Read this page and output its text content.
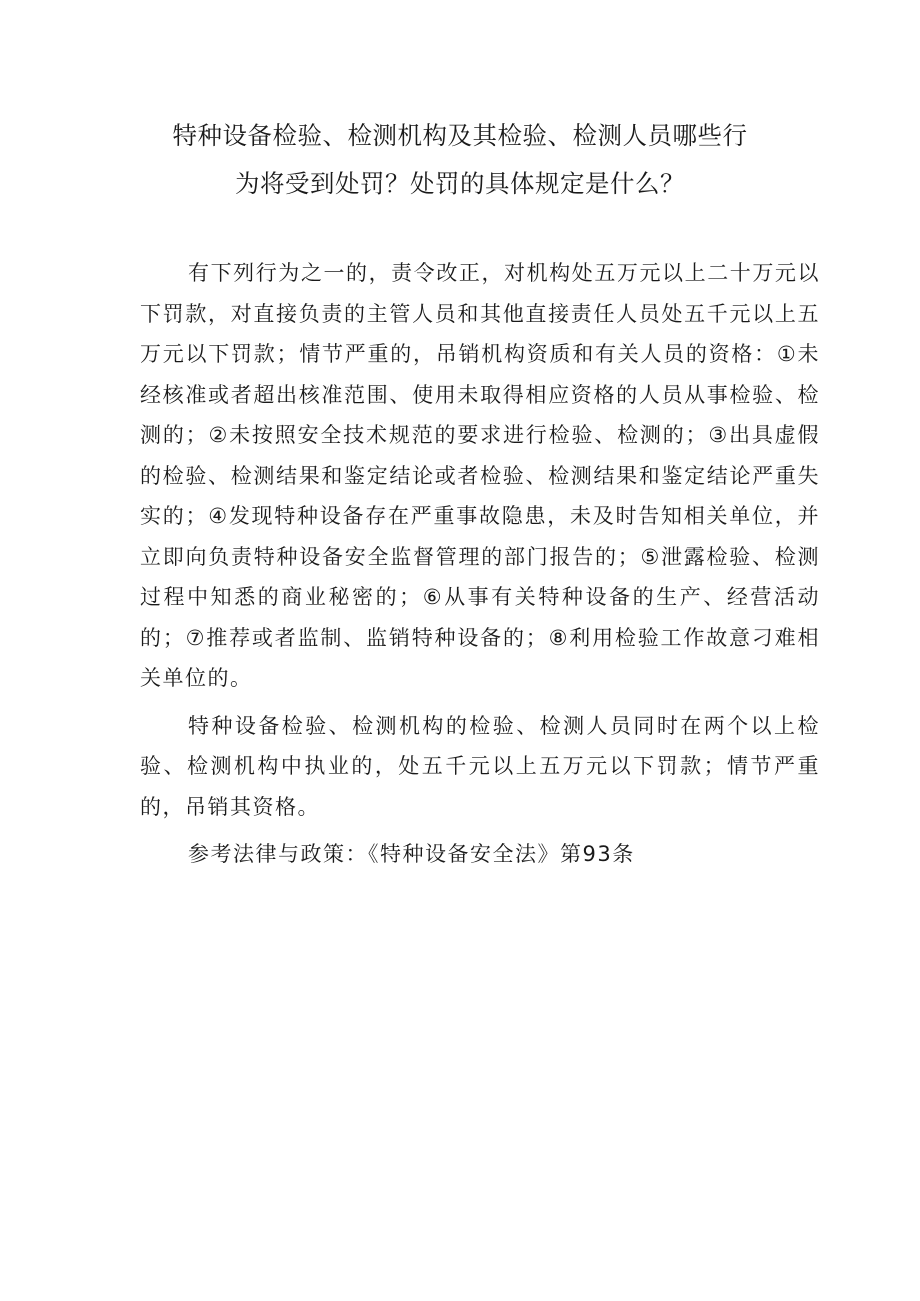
特种设备检验、检测机构及其检验、检测人员哪些行
为将受到处罚？处罚的具体规定是什么？

有下列行为之一的，责令改正，对机构处五万元以上二十万元以下罚款，对直接负责的主管人员和其他直接责任人员处五千元以上五万元以下罚款；情节严重的，吊销机构资质和有关人员的资格：①未经核准或者超出核准范围、使用未取得相应资格的人员从事检验、检测的；②未按照安全技术规范的要求进行检验、检测的；③出具虚假的检验、检测结果和鉴定结论或者检验、检测结果和鉴定结论严重失实的；④发现特种设备存在严重事故隐患，未及时告知相关单位，并立即向负责特种设备安全监督管理的部门报告的；⑤泄露检验、检测过程中知悉的商业秘密的；⑥从事有关特种设备的生产、经营活动的；⑦推荐或者监制、监销特种设备的；⑧利用检验工作故意刁难相关单位的。

特种设备检验、检测机构的检验、检测人员同时在两个以上检验、检测机构中执业的，处五千元以上五万元以下罚款；情节严重的，吊销其资格。

参考法律与政策：《特种设备安全法》第93条
